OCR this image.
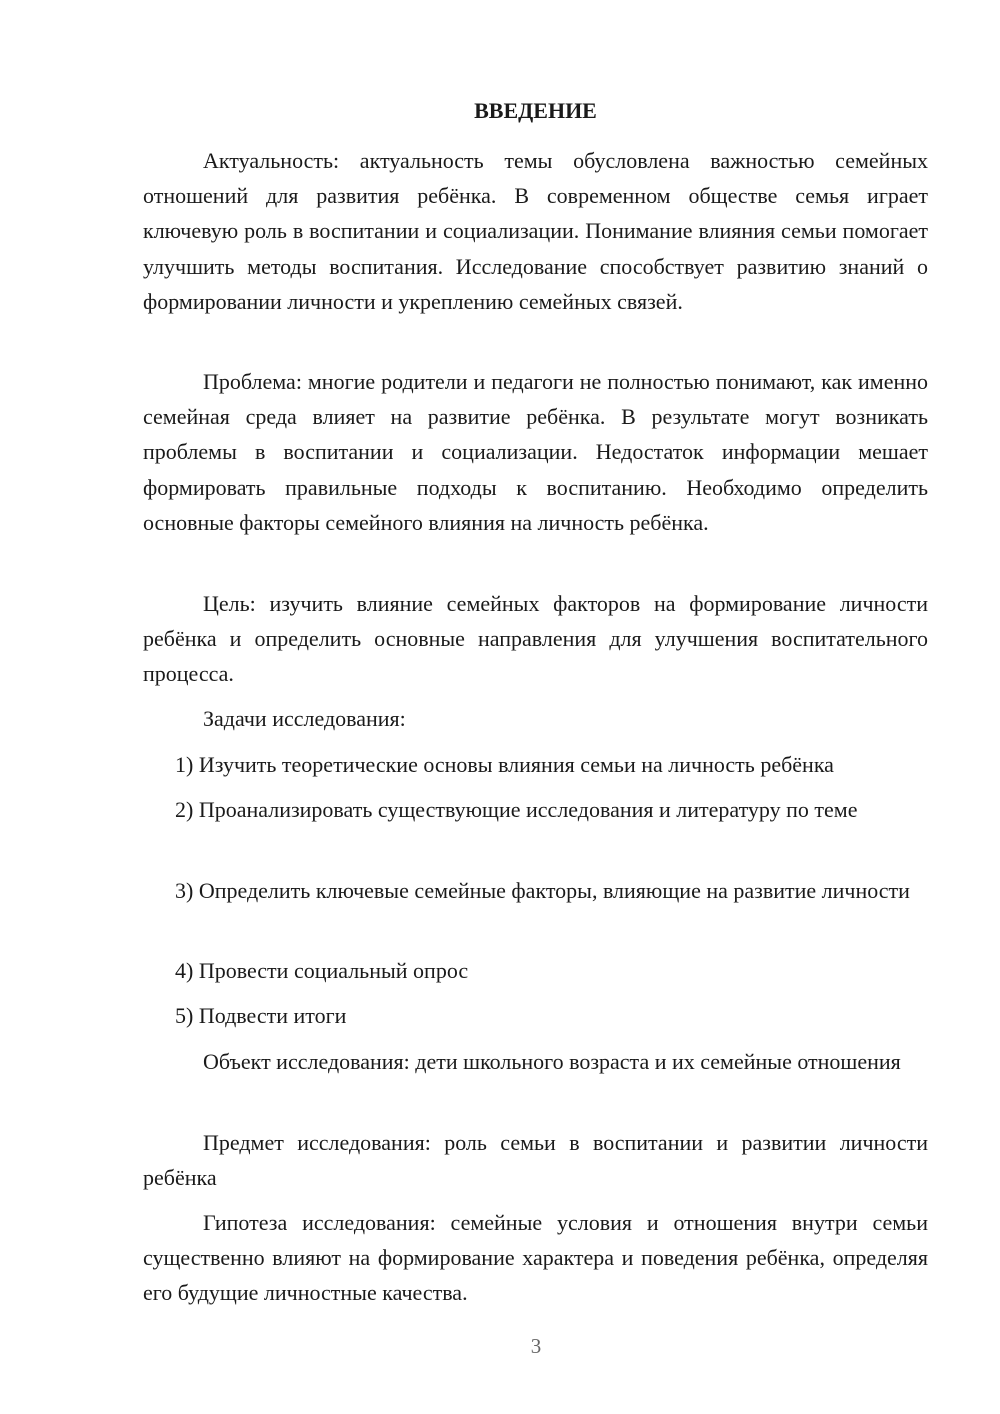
ВВЕДЕНИЕ

Актуальность: актуальность темы обусловлена важностью семейных отношений для развития ребёнка. В современном обществе семья играет ключевую роль в воспитании и социализации. Понимание влияния семьи помогает улучшить методы воспитания. Исследование способствует развитию знаний о формировании личности и укреплению семейных связей.

Проблема: многие родители и педагоги не полностью понимают, как именно семейная среда влияет на развитие ребёнка. В результате могут возникать проблемы в воспитании и социализации. Недостаток информации мешает формировать правильные подходы к воспитанию. Необходимо определить основные факторы семейного влияния на личность ребёнка.

Цель: изучить влияние семейных факторов на формирование личности ребёнка и определить основные направления для улучшения воспитательного процесса.

Задачи исследования:

1) Изучить теоретические основы влияния семьи на личность ребёнка

2) Проанализировать существующие исследования и литературу по теме

3) Определить ключевые семейные факторы, влияющие на развитие личности

4) Провести социальный опрос

5) Подвести итоги

Объект исследования: дети школьного возраста и их семейные отношения

Предмет исследования: роль семьи в воспитании и развитии личности ребёнка

Гипотеза исследования: семейные условия и отношения внутри семьи существенно влияют на формирование характера и поведения ребёнка, определяя его будущие личностные качества.

3
